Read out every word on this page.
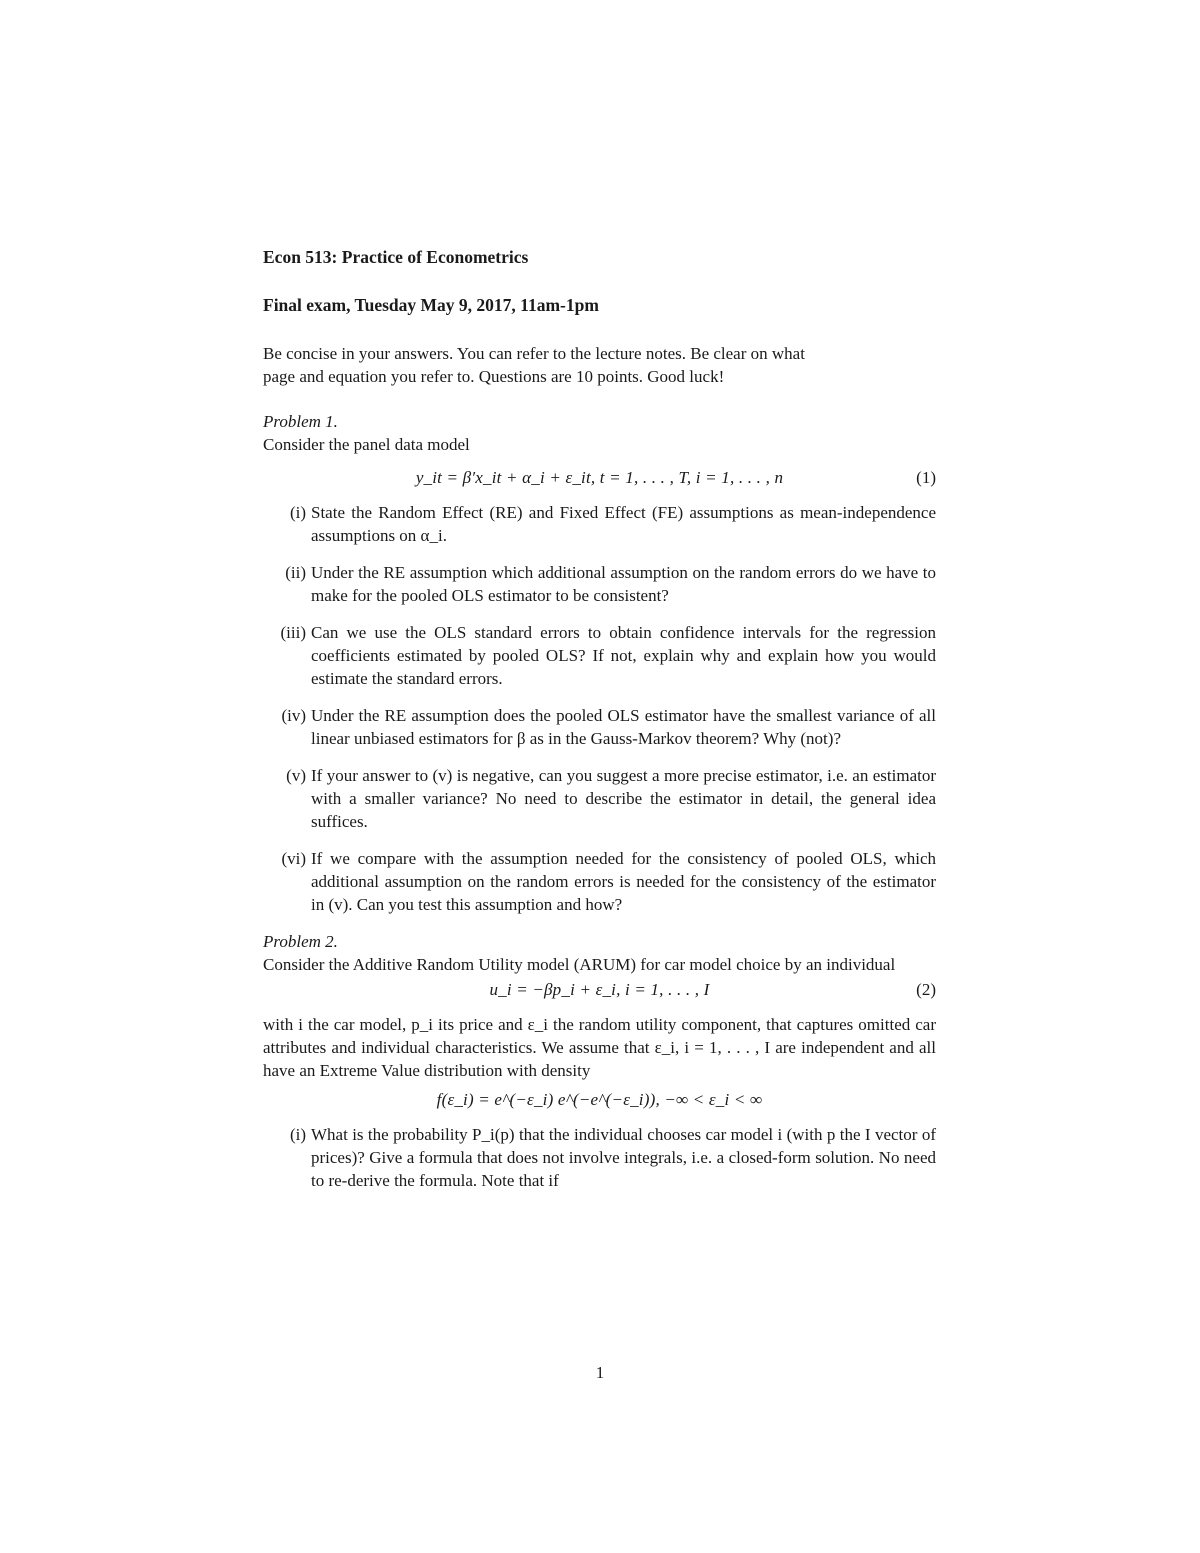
Econ 513: Practice of Econometrics
Final exam, Tuesday May 9, 2017, 11am-1pm
Be concise in your answers. You can refer to the lecture notes. Be clear on what
page and equation you refer to. Questions are 10 points. Good luck!
Problem 1.
Consider the panel data model
y_it = β′x_it + α_i + ε_it, t = 1, . . . , T, i = 1, . . . , n	(1)
(i) State the Random Effect (RE) and Fixed Effect (FE) assumptions as mean-independence assumptions on α_i.
(ii) Under the RE assumption which additional assumption on the random errors do we have to make for the pooled OLS estimator to be consistent?
(iii) Can we use the OLS standard errors to obtain confidence intervals for the regression coefficients estimated by pooled OLS? If not, explain why and explain how you would estimate the standard errors.
(iv) Under the RE assumption does the pooled OLS estimator have the smallest variance of all linear unbiased estimators for β as in the Gauss-Markov theorem? Why (not)?
(v) If your answer to (v) is negative, can you suggest a more precise estimator, i.e. an estimator with a smaller variance? No need to describe the estimator in detail, the general idea suffices.
(vi) If we compare with the assumption needed for the consistency of pooled OLS, which additional assumption on the random errors is needed for the consistency of the estimator in (v). Can you test this assumption and how?
Problem 2.
Consider the Additive Random Utility model (ARUM) for car model choice by an individual
u_i = −βp_i + ε_i, i = 1, . . . , I	(2)
with i the car model, p_i its price and ε_i the random utility component, that captures omitted car attributes and individual characteristics. We assume that ε_i, i = 1, . . . , I are independent and all have an Extreme Value distribution with density
f(ε_i) = e^(−ε_i) e^(−e^(−ε_i)), −∞ < ε_i < ∞
(i) What is the probability P_i(p) that the individual chooses car model i (with p the I vector of prices)? Give a formula that does not involve integrals, i.e. a closed-form solution. No need to re-derive the formula. Note that if
1
